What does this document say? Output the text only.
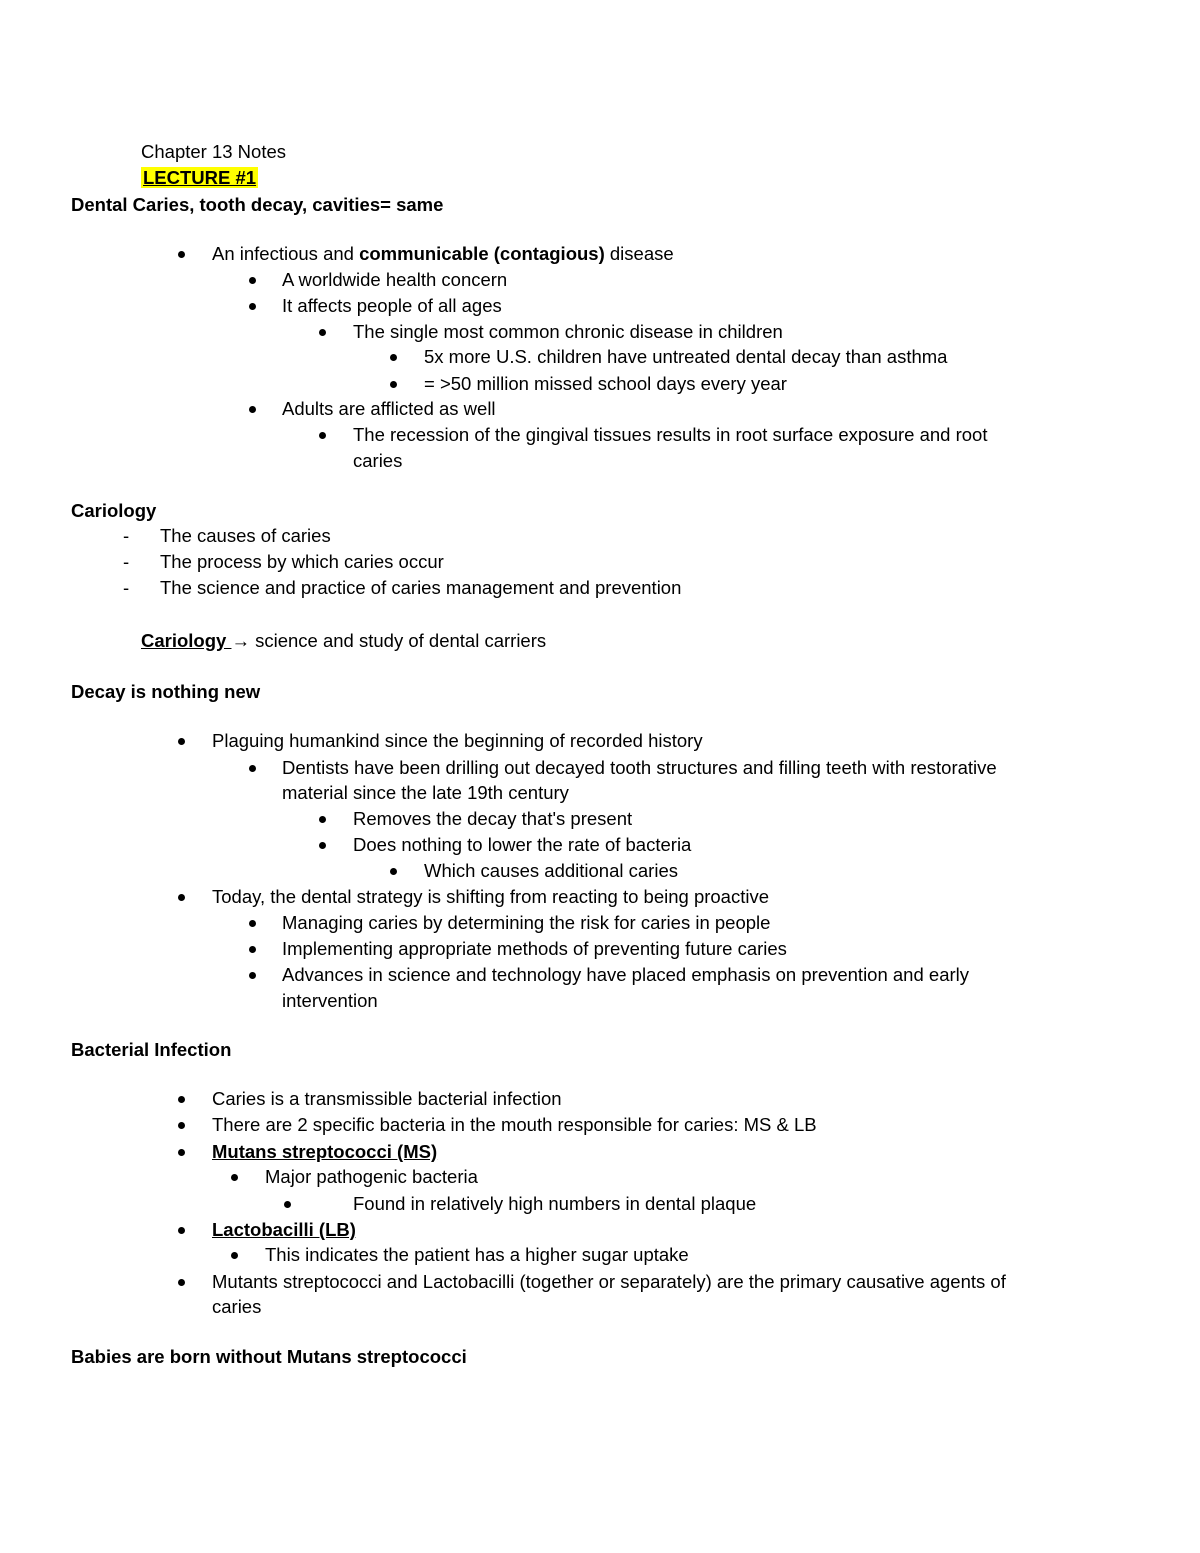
Chapter 13 Notes
LECTURE #1
Dental Caries, tooth decay, cavities= same
An infectious and communicable (contagious) disease
A worldwide health concern
It affects people of all ages
The single most common chronic disease in children
5x more U.S. children have untreated dental decay than asthma
= >50 million missed school days every year
Adults are afflicted as well
The recession of the gingival tissues results in root surface exposure and root
caries
Cariology
- The causes of caries
- The process by which caries occur
- The science and practice of caries management and prevention
Cariology → science and study of dental carriers
Decay is nothing new
Plaguing humankind since the beginning of recorded history
Dentists have been drilling out decayed tooth structures and filling teeth with restorative
material since the late 19th century
Removes the decay that's present
Does nothing to lower the rate of bacteria
Which causes additional caries
Today, the dental strategy is shifting from reacting to being proactive
Managing caries by determining the risk for caries in people
Implementing appropriate methods of preventing future caries
Advances in science and technology have placed emphasis on prevention and early
intervention
Bacterial Infection
Caries is a transmissible bacterial infection
There are 2 specific bacteria in the mouth responsible for caries: MS & LB
Mutans streptococci (MS)
Major pathogenic bacteria
Found in relatively high numbers in dental plaque
Lactobacilli (LB)
This indicates the patient has a higher sugar uptake
Mutants streptococci and Lactobacilli (together or separately) are the primary causative agents of
caries
Babies are born without Mutans streptococci
